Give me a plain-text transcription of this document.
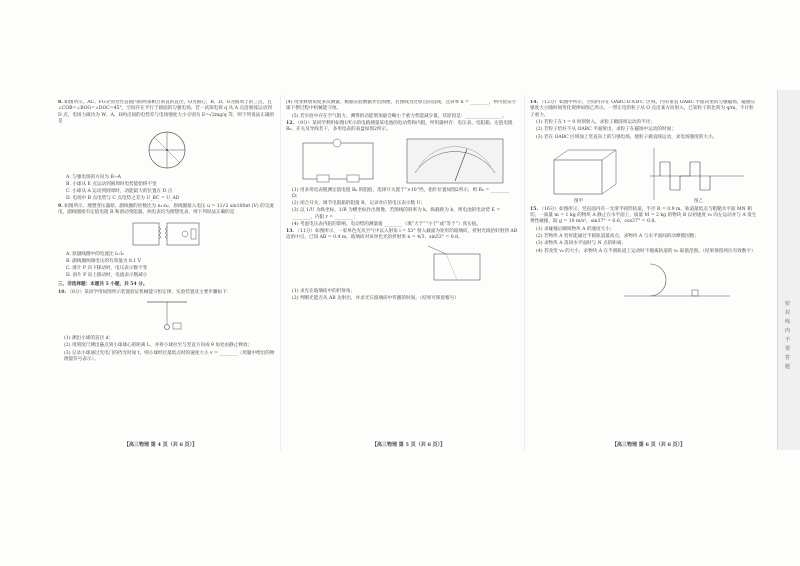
8. 如图所示，AC、FG分别为竖直圆内的两条相互垂直的直径，O为圆心，B、D、G为圆周上的三点，且∠COB=∠BOG=∠DOC=45°，空间存在平行于圆面的匀强电场。若一试探电荷 q 从 A 点沿圆弧运动到 D 点，电场力做功为 W，A、D两点间的电势差与电场强度大小分别为 E=√2mg/q 等，则下列说法正确的是
A. 匀强电场的方向为 B→A
B. 小球从 E 点运动到圆周时电势能始终不变
C. 小球从 A 运动到圆周时，动能最大的位置在 D 点
D. 电场中 B 点电势与 C 点电势之差为 U_BC = U_AD
9. 如图所示，理想变压器原、副线圈的匝数比为 n₁:n₂，原线圈接入电压 u = 11√2 sin100πt (V) 的交流电，副线圈接有定值电阻 R 和滑动变阻器，两电表均为理想电表，则下列说法正确的是
A. 原副线圈中的电流比 I₁:I₂
B. 副线圈两端电压的有效值为 8.1 V
C. 滑片 P 向下移动时，电压表示数不变
D. 滑片 P 向上移动时，电流表示数减小
三、非选择题：本题共 5 小题，共 54 分。
10. （6分）某同学用如图所示装置验证机械能守恒定律，实验装置及主要步骤如下：
(1) 测出小球的直径 d；
(2) 用刻度尺测出悬点到小球球心的距离 L，并将小球拉至与竖直方向成 θ 角处由静止释放；
(3) 记录小球通过光电门的挡光时间 t，则小球经过最低点时的速度大小 v = ________（用题中给出的物理量符号表示）。
【高三物理 第 4 页（共 6 页）】
(4) 改变释放角度多次测量，根据实验数据作出图像，若图线为过原点的直线，且斜率 k = ________，则可验证小球下摆过程中机械能守恒。
(5) 若实验中存在空气阻力，测得的动能增加量会略小于重力势能减少量，其原因是：________________。
12. （9分）某同学利用如图1所示的电路测量某电池的电动势和内阻，所用器材有：电压表、电阻箱、定值电阻 R₀、开关及导线若干，多用电表的表盘如图2所示。
(1) 用多用电表粗测定值电阻 R₀ 的阻值，选择开关置于“×10”挡，指针位置如图2所示，则 R₀ = ________ Ω；
(2) 闭合开关，调节电阻箱的阻值 R，记录对应的电压表示数 U；
(3) 以 1/U 为纵坐标、1/R 为横坐标作出图像，若图线的斜率为 k，纵截距为 b，则电池的电动势 E = ________，内阻 r = ________；
(4) 考虑电压表内阻的影响，电动势的测量值 ________（填“大于”“小于”或“等于”）真实值。
13. （11分）如图所示，一束单色光从空气中以入射角 i = 53° 射入截面为矩形的玻璃砖，折射光线恰好射到 AB 边的中点，已知 AB = 0.4 m，玻璃砖对该单色光的折射率 n = 4/3，sin53° = 0.8。
(1) 求光在玻璃砖中的折射角；
(2) 判断光能否从 AB 边射出，并求光在玻璃砖中传播的时间。（结果可保留根号）
【高三物理 第 5 页（共 6 页）】
14. （12分）如图甲所示，空间内存在 OABC-O′A′B′C′ 区域，内有垂直 OABC 平面向里的匀强磁场，磁感应强度大小随时间变化规律如图乙所示。一带正电的粒子从 O 点沿某方向射入，已知粒子的比荷为 q/m，不计粒子重力。
(1) 若粒子在 t = 0 时刻射入，求粒子做圆周运动的半径；
(2) 若粒子恰好不从 OABC 平面射出，求粒子在磁场中运动的时间；
(3) 若在 OABC 区域加上竖直向上的匀强电场，使粒子做直线运动，求电场强度的大小。
图甲	图乙
15. （16分）如图所示，竖直面内有一光滑半圆形轨道，半径 R = 0.9 m，轨道最低点与粗糙水平面 MN 相切，一质量 m = 1 kg 的物块 A 静止在水平面上，质量 M = 2 kg 的物块 B 以初速度 v₀ 向左运动并与 A 发生弹性碰撞，取 g = 10 m/s²，sin37° = 0.6，cos37° = 0.8。
(1) 求碰撞后瞬间物块 A 的速度大小；
(2) 若物块 A 恰好能通过半圆轨道最高点，求物块 A 与水平面间的动摩擦因数；
(3) 求物块 A 落回水平面时与 N 点的距离；
(4) 若改变 v₀ 的大小，求物块 A 在半圆轨道上运动时不脱离轨道的 v₀ 取值范围。（结果保留两位有效数字）
【高三物理 第 6 页（共 6 页）】
密 封 线 内 不 要 答 题
